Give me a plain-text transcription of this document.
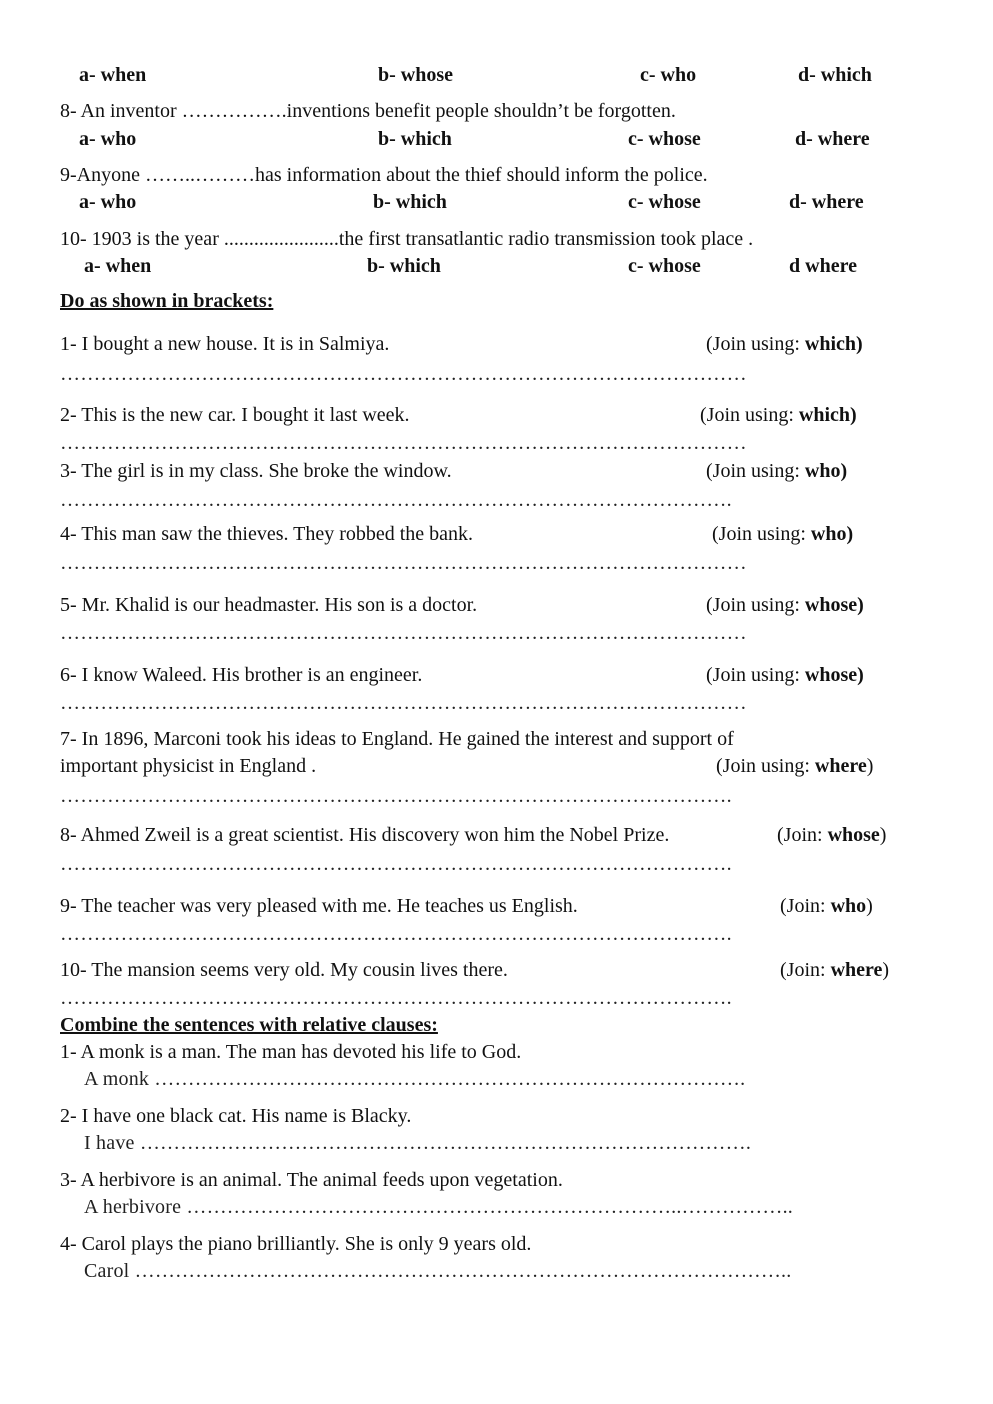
a- when	b- whose	c- who	d- which
8- An inventor …………….inventions benefit people shouldn’t be forgotten.
a- who	b- which	c- whose	d- where
9-Anyone ……..………has information about the thief should inform the police.
a- who	b- which	c- whose	d- where
10- 1903 is the year .......................the first transatlantic radio transmission took place .
a- when	b- which	c- whose	d where
Do as shown in brackets:
1- I bought a new house. It is in Salmiya.	(Join using: which)
…………………………………………………………………………………………
2- This is the new car. I bought it last week.	(Join using: which)
…………………………………………………………………………………………
3- The girl is in my class. She broke the window.	(Join using: who)
……………………………………………………………………………………….
4- This man saw the thieves. They robbed the bank.	(Join using: who)
…………………………………………………………………………………………
5- Mr. Khalid is our headmaster. His son is a doctor.	(Join using: whose)
…………………………………………………………………………………………
6- I know Waleed. His brother is an engineer.	(Join using: whose)
…………………………………………………………………………………………
7- In 1896, Marconi took his ideas to England. He gained the interest and support of
important physicist in England .	(Join using: where)
……………………………………………………………………………………….
8- Ahmed Zweil is a great scientist. His discovery won him the Nobel Prize.	(Join: whose)
……………………………………………………………………………………….
9- The teacher was very pleased with me. He teaches us English.	(Join: who)
……………………………………………………………………………………….
10- The mansion seems very old. My cousin lives there.	(Join: where)
……………………………………………………………………………………….
Combine the sentences with relative clauses:
1- A monk is a man. The man has devoted his life to God.
A monk …………………………………………………………………………….
2- I have one black cat. His name is Blacky.
I have ……………………………………………………………………………….
3- A herbivore is an animal. The animal feeds upon vegetation.
A herbivore ………………………………………………………………..……………..
4- Carol plays the piano brilliantly. She is only 9 years old.
Carol ……………………………………………………………………………………..
